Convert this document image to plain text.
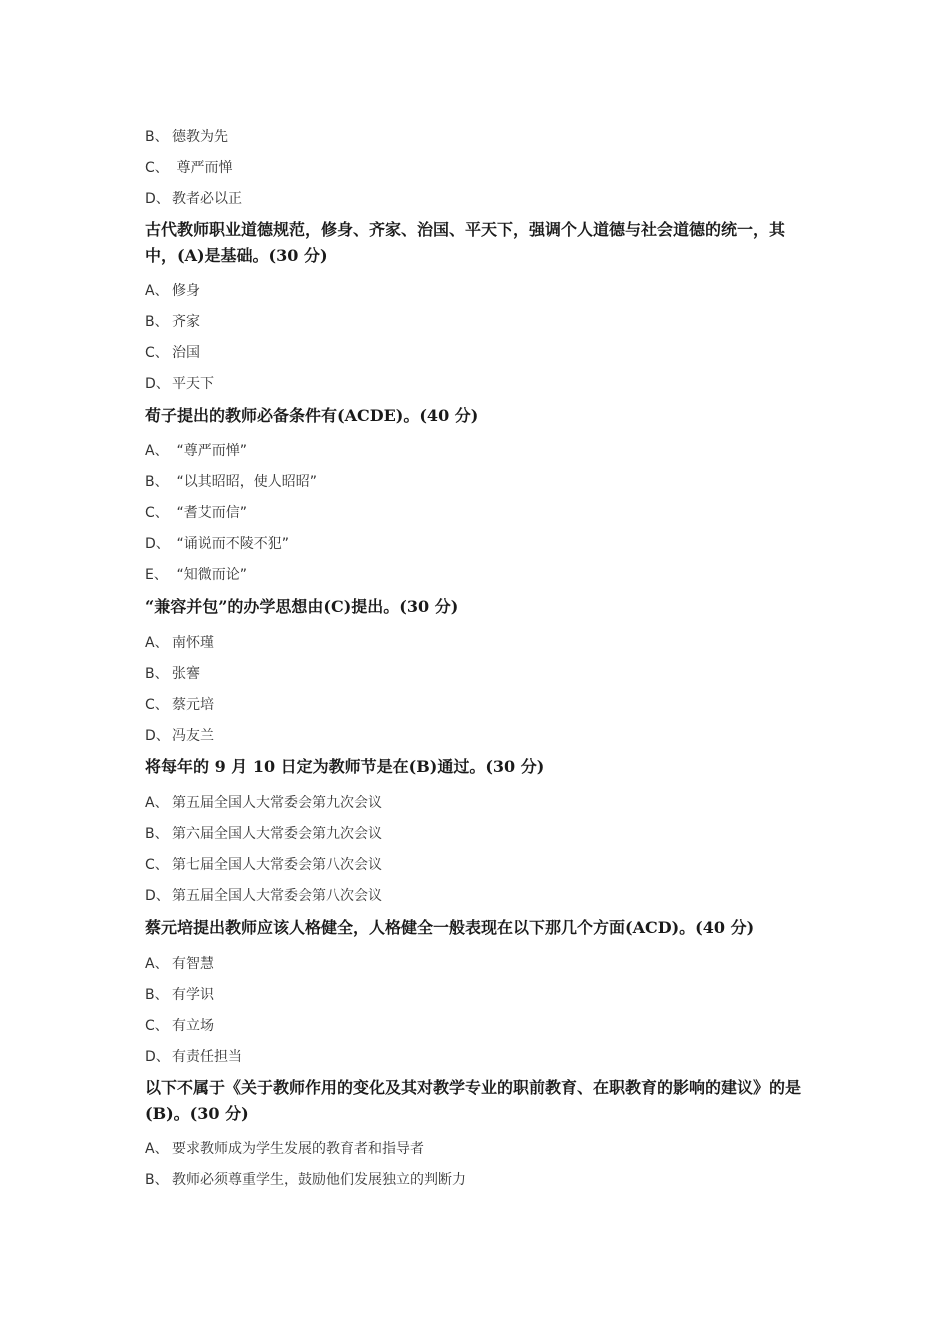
B、 德教为先
C、 尊严而惮
D、 教者必以正
古代教师职业道德规范，修身、齐家、治国、平天下，强调个人道德与社会道德的统一，其中，(A)是基础。(30 分)
A、 修身
B、 齐家
C、 治国
D、 平天下
荀子提出的教师必备条件有(ACDE)。(40 分)
A、 “尊严而惮”
B、 “以其昭昭，使人昭昭”
C、 “耆艾而信”
D、 “诵说而不陵不犯”
E、 “知微而论”
“兼容并包”的办学思想由(C)提出。(30 分)
A、 南怀瑾
B、 张謇
C、 蔡元培
D、 冯友兰
将每年的 9 月 10 日定为教师节是在(B)通过。(30 分)
A、 第五届全国人大常委会第九次会议
B、 第六届全国人大常委会第九次会议
C、 第七届全国人大常委会第八次会议
D、 第五届全国人大常委会第八次会议
蔡元培提出教师应该人格健全，人格健全一般表现在以下那几个方面(ACD)。(40 分)
A、 有智慧
B、 有学识
C、 有立场
D、 有责任担当
以下不属于《关于教师作用的变化及其对教学专业的职前教育、在职教育的影响的建议》的是(B)。(30 分)
A、 要求教师成为学生发展的教育者和指导者
B、 教师必须尊重学生，鼓励他们发展独立的判断力
